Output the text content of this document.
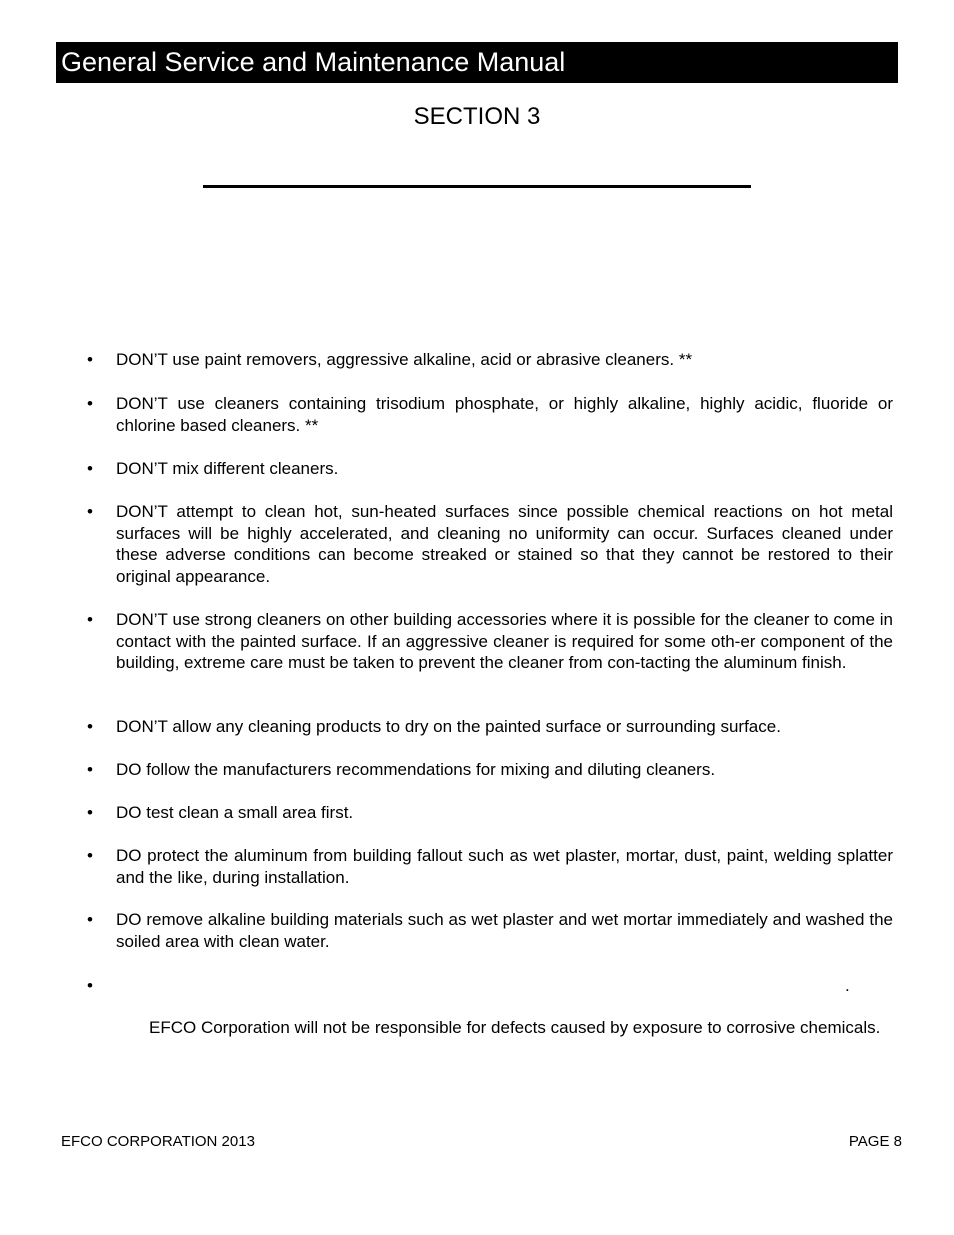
General Service and Maintenance Manual
SECTION 3
• DON’T use paint removers, aggressive alkaline, acid or abrasive cleaners. **
• DON’T use cleaners containing trisodium phosphate, or highly alkaline, highly acidic, fluoride or chlorine based cleaners. **
• DON’T mix different cleaners.
• DON’T attempt to clean hot, sun-heated surfaces since possible chemical reactions on hot metal surfaces will be highly accelerated, and cleaning no uniformity can occur. Surfaces cleaned under these adverse conditions can become streaked or stained so that they cannot be restored to their original appearance.
• DON’T use strong cleaners on other building accessories where it is possible for the cleaner to come in contact with the painted surface. If an aggressive cleaner is required for some oth-er component of the building, extreme care must be taken to prevent the cleaner from con-tacting the aluminum finish.
• DON’T allow any cleaning products to dry on the painted surface or surrounding surface.
• DO follow the manufacturers recommendations for mixing and diluting cleaners.
• DO test clean a small area first.
• DO protect the aluminum from building fallout such as wet plaster, mortar, dust, paint, welding splatter and the like, during installation.
• DO remove alkaline building materials such as wet plaster and wet mortar immediately and washed the soiled area with clean water.
•	.
EFCO Corporation will not be responsible for defects caused by exposure to corrosive chemicals.
EFCO CORPORATION 2013	PAGE 8
